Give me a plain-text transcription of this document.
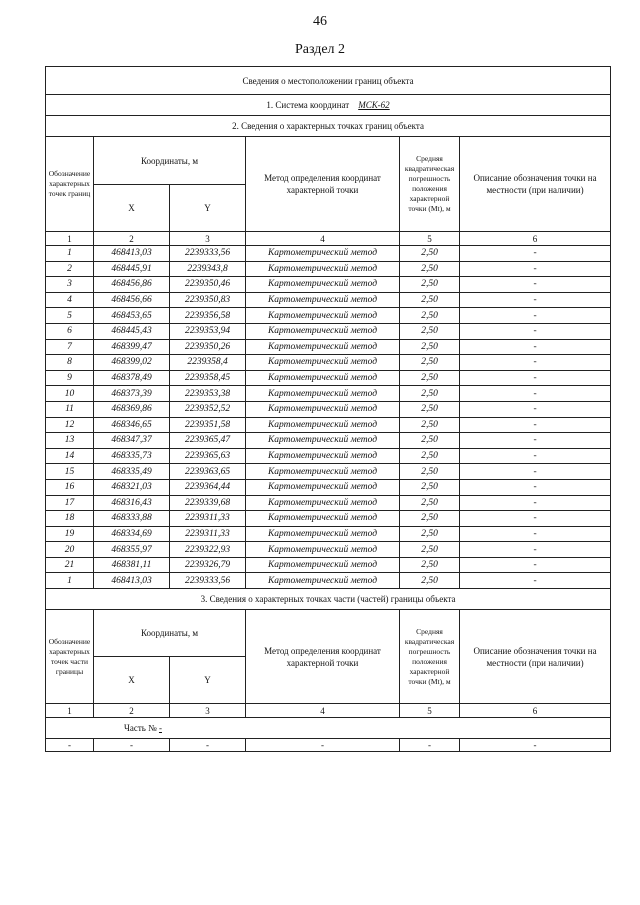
46
Раздел 2
Сведения о местоположении границ объекта					
1. Система координат МСК-62					
2. Сведения о характерных точках границ объекта					
Обозначение характерных точек границ	Координаты, м		Метод определения координат характерной точки	Средняя квадратическая погрешность положения характерной точки (Mt), м	Описание обозначения точки на местности (при наличии)
	X	Y			
1	2	3	4	5	6
1	468413,03	2239333,56	Картометрический метод	2,50	-
2	468445,91	2239343,8	Картометрический метод	2,50	-
3	468456,86	2239350,46	Картометрический метод	2,50	-
4	468456,66	2239350,83	Картометрический метод	2,50	-
5	468453,65	2239356,58	Картометрический метод	2,50	-
6	468445,43	2239353,94	Картометрический метод	2,50	-
7	468399,47	2239350,26	Картометрический метод	2,50	-
8	468399,02	2239358,4	Картометрический метод	2,50	-
9	468378,49	2239358,45	Картометрический метод	2,50	-
10	468373,39	2239353,38	Картометрический метод	2,50	-
11	468369,86	2239352,52	Картометрический метод	2,50	-
12	468346,65	2239351,58	Картометрический метод	2,50	-
13	468347,37	2239365,47	Картометрический метод	2,50	-
14	468335,73	2239365,63	Картометрический метод	2,50	-
15	468335,49	2239363,65	Картометрический метод	2,50	-
16	468321,03	2239364,44	Картометрический метод	2,50	-
17	468316,43	2239339,68	Картометрический метод	2,50	-
18	468333,88	2239311,33	Картометрический метод	2,50	-
19	468334,69	2239311,33	Картометрический метод	2,50	-
20	468355,97	2239322,93	Картометрический метод	2,50	-
21	468381,11	2239326,79	Картометрический метод	2,50	-
1	468413,03	2239333,56	Картометрический метод	2,50	-
3. Сведения о характерных точках части (частей) границы объекта					
Обозначение характерных точек части границы	Координаты, м		Метод определения координат характерной точки	Средняя квадратическая погрешность положения характерной точки (Mt), м	Описание обозначения точки на местности (при наличии)
	X	Y			
1	2	3	4	5	6
Часть № -					
-	-	-	-	-	-
